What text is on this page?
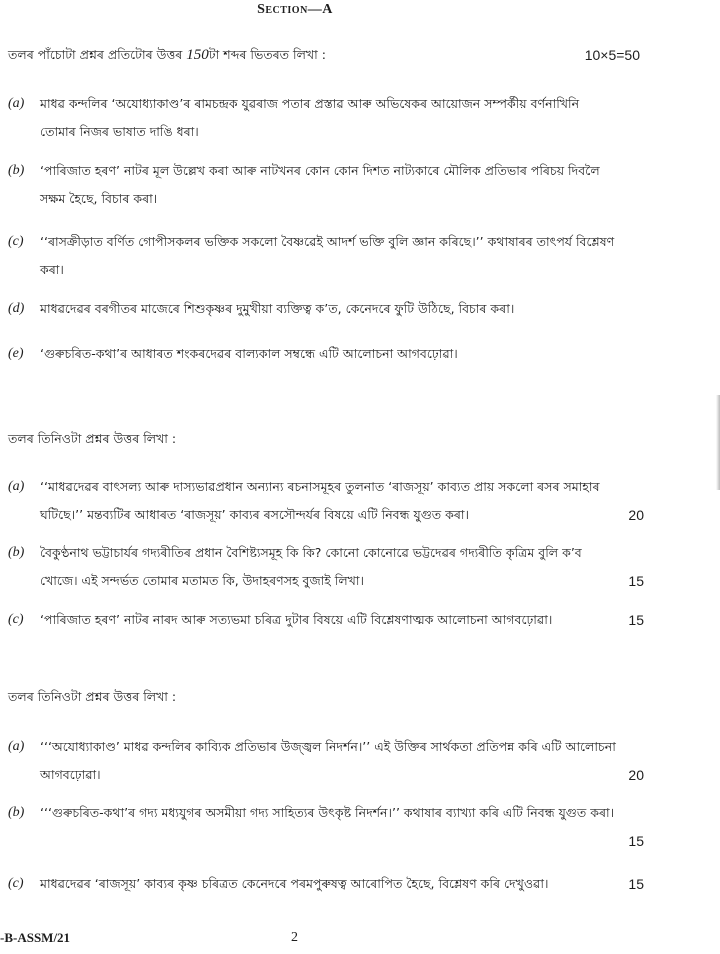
Section—A
তলৰ পাঁচোটা প্ৰশ্নৰ প্ৰতিটোৰ উত্তৰ 150টা শব্দৰ ভিতৰত লিখা :	10×5=50
(a) মাধৱ কন্দলিৰ ‘অযোধ্যাকাণ্ড’ৰ ৰামচন্দ্ৰক যুৱৰাজ পতাৰ প্ৰস্তাৱ আৰু অভিষেকৰ আয়োজন সম্পৰ্কীয় বৰ্ণনাখিনি তোমাৰ নিজৰ ভাষাত দাঙি ধৰা।
(b) ‘পাৰিজাত হৰণ’ নাটৰ মূল উল্লেখ কৰা আৰু নাটখনৰ কোন কোন দিশত নাট্যকাৰে মৌলিক প্ৰতিভাৰ পৰিচয় দিবলৈ সক্ষম হৈছে, বিচাৰ কৰা।
(c) ‘‘ৰাসক্ৰীড়াত বৰ্ণিত গোপীসকলৰ ভক্তিক সকলো বৈষ্ণৱেই আদৰ্শ ভক্তি বুলি জ্ঞান কৰিছে।’’ কথাষাৰৰ তাৎপৰ্য বিশ্লেষণ কৰা।
(d) মাধৱদেৱৰ বৰগীতৰ মাজেৰে শিশুকৃষ্ণৰ দুমুখীয়া ব্যক্তিত্ব ক’ত, কেনেদৰে ফুটি উঠিছে, বিচাৰ কৰা।
(e) ‘গুৰুচৰিত-কথা’ৰ আধাৰত শংকৰদেৱৰ বাল্যকাল সম্বন্ধে এটি আলোচনা আগবঢ়োৱা।
তলৰ তিনিওটা প্ৰশ্নৰ উত্তৰ লিখা :
(a) ‘‘মাধৱদেৱৰ বাৎসল্য আৰু দাস্যভাৱপ্ৰধান অন্যান্য ৰচনাসমূহৰ তুলনাত ‘ৰাজসূয়’ কাব্যত প্ৰায় সকলো ৰসৰ সমাহাৰ ঘটিছে।’’ মন্তব্যটিৰ আধাৰত ‘ৰাজসূয়’ কাব্যৰ ৰসসৌন্দৰ্যৰ বিষয়ে এটি নিবন্ধ যুগুত কৰা।	20
(b) বৈকুণ্ঠনাথ ভট্টাচাৰ্যৰ গদ্যৰীতিৰ প্ৰধান বৈশিষ্ট্যসমূহ কি কি? কোনো কোনোৱে ভট্টদেৱৰ গদ্যৰীতি কৃত্ৰিম বুলি ক’ব খোজে। এই সন্দৰ্ভত তোমাৰ মতামত কি, উদাহৰণসহ বুজাই লিখা।	15
(c) ‘পাৰিজাত হৰণ’ নাটৰ নাৰদ আৰু সত্যভমা চৰিত্ৰ দুটাৰ বিষয়ে এটি বিশ্লেষণাত্মক আলোচনা আগবঢ়োৱা।	15
তলৰ তিনিওটা প্ৰশ্নৰ উত্তৰ লিখা :
(a) ‘‘‘অযোধ্যাকাণ্ড’ মাধৱ কন্দলিৰ কাব্যিক প্ৰতিভাৰ উজ্জ্বল নিদৰ্শন।’’ এই উক্তিৰ সাৰ্থকতা প্ৰতিপন্ন কৰি এটি আলোচনা আগবঢ়োৱা।	20
(b) ‘‘‘গুৰুচৰিত-কথা’ৰ গদ্য মধ্যযুগৰ অসমীয়া গদ্য সাহিত্যৰ উৎকৃষ্ট নিদৰ্শন।’’ কথাষাৰ ব্যাখ্যা কৰি এটি নিবন্ধ যুগুত কৰা।
15
(c) মাধৱদেৱৰ ‘ৰাজসূয়’ কাব্যৰ কৃষ্ণ চৰিত্ৰত কেনেদৰে পৰমপুৰুষত্ব আৰোপিত হৈছে, বিশ্লেষণ কৰি দেখুওৱা।	15
-B-ASSM/21	2
